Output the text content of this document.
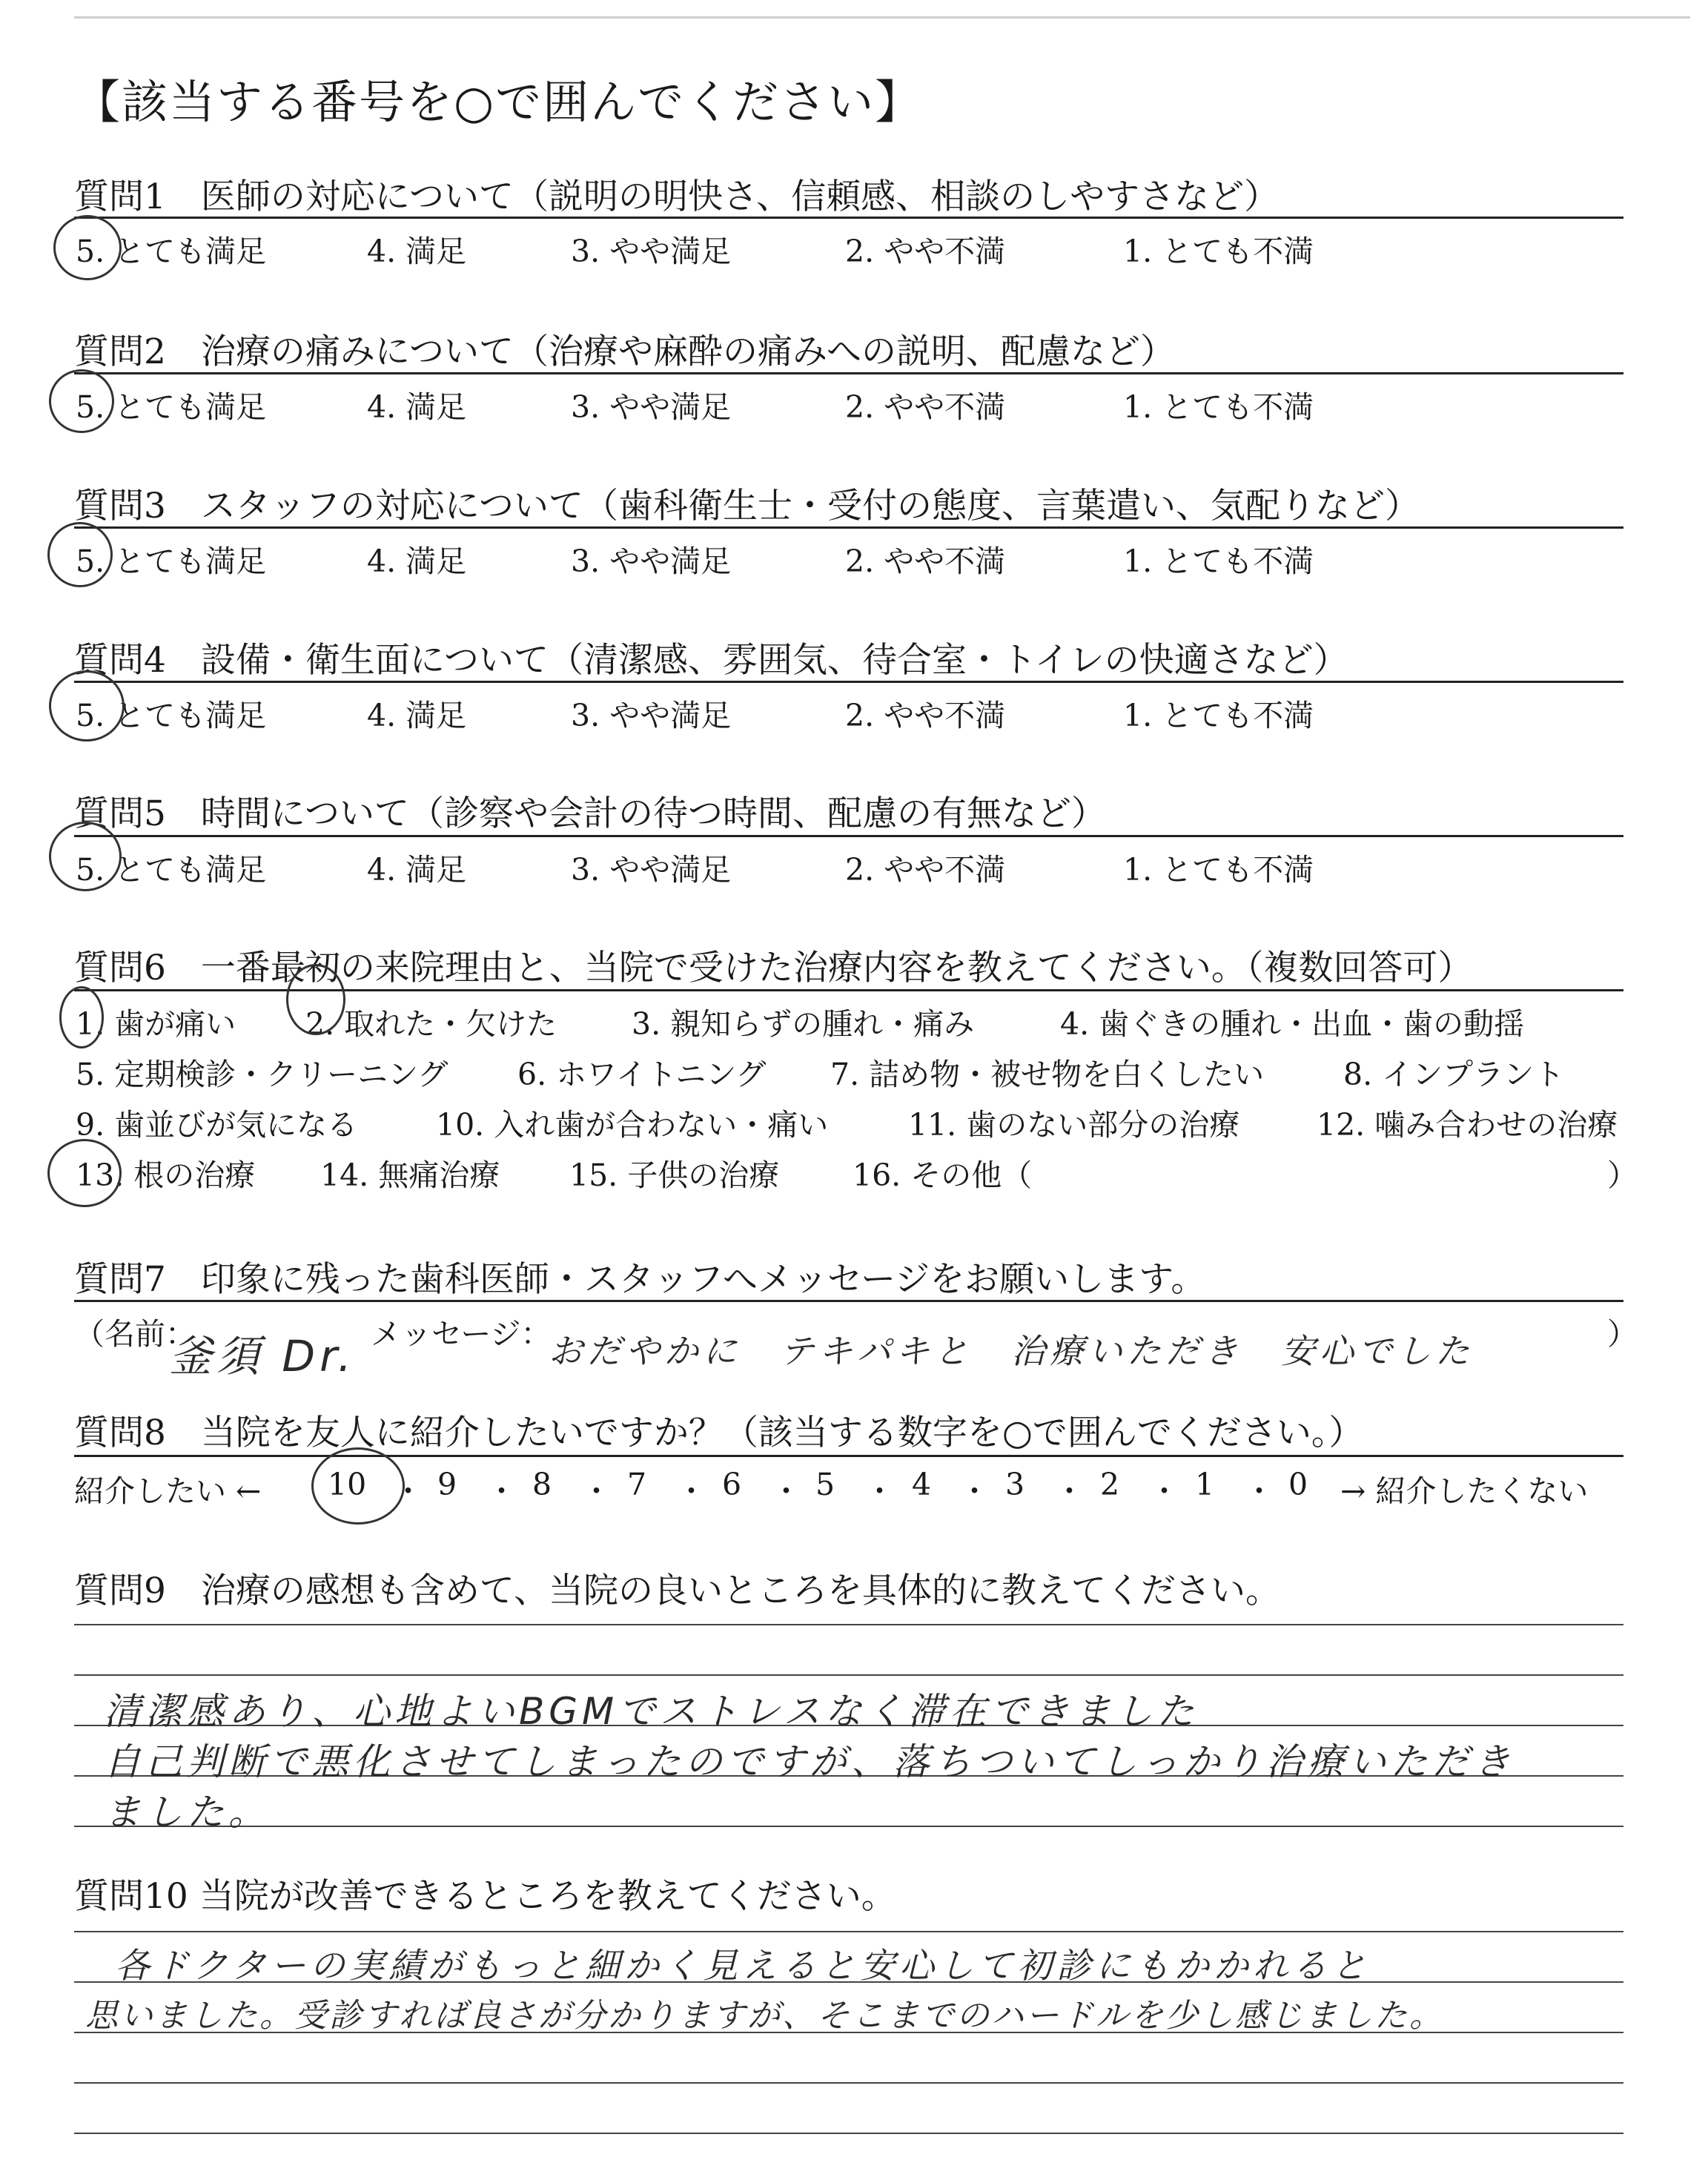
【該当する番号を○で囲んでください】
質問1　医師の対応について（説明の明快さ、信頼感、相談のしやすさなど）
5. とても満足	4. 満足	3. やや満足	2. やや不満	1. とても不満
質問2　治療の痛みについて（治療や麻酔の痛みへの説明、配慮など）
5. とても満足	4. 満足	3. やや満足	2. やや不満	1. とても不満
質問3　スタッフの対応について（歯科衛生士・受付の態度、言葉遣い、気配りなど）
5. とても満足	4. 満足	3. やや満足	2. やや不満	1. とても不満
質問4　設備・衛生面について（清潔感、雰囲気、待合室・トイレの快適さなど）
5. とても満足	4. 満足	3. やや満足	2. やや不満	1. とても不満
質問5　時間について（診察や会計の待つ時間、配慮の有無など）
5. とても満足	4. 満足	3. やや満足	2. やや不満	1. とても不満
質問6　一番最初の来院理由と、当院で受けた治療内容を教えてください。（複数回答可）
1. 歯が痛い 2. 取れた・欠けた 3. 親知らずの腫れ・痛み	4. 歯ぐきの腫れ・出血・歯の動揺
5. 定期検診・クリーニング 6. ホワイトニング 7. 詰め物・被せ物を白くしたい	8. インプラント
9. 歯並びが気になる	10. 入れ歯が合わない・痛い	11. 歯のない部分の治療	12. 噛み合わせの治療
13. 根の治療 14. 無痛治療 15. 子供の治療 16. その他（	）
質問7　印象に残った歯科医師・スタッフへメッセージをお願いします。
（名前：
釜須 Dr. メッセージ：
おだやかに　テキパキと　治療いただき　安心でした	）
質問8　当院を友人に紹介したいですか？（該当する数字を○で囲んでください。）
紹介したい ← 10 ・ 9 ・ 8 ・ 7 ・ 6 ・ 5 ・ 4 ・ 3 ・ 2 ・ 1 ・ 0 → 紹介したくない
質問9　治療の感想も含めて、当院の良いところを具体的に教えてください。
清潔感あり、心地よいBGMでストレスなく滞在できました
自己判断で悪化させてしまったのですが、落ちついてしっかり治療いただき
ました。
質問10 当院が改善できるところを教えてください。
各ドクターの実績がもっと細かく見えると安心して初診にもかかれると
思いました。受診すれば良さが分かりますが、そこまでのハードルを少し感じました。
